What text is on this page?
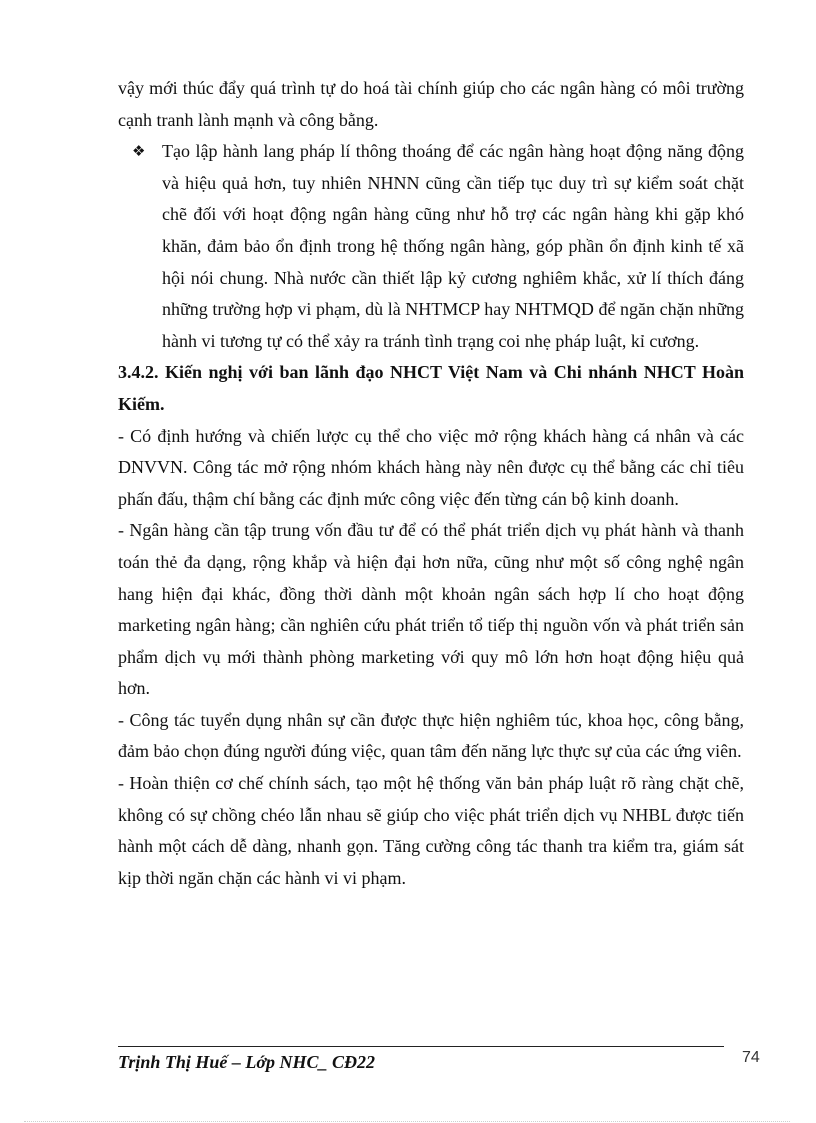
vậy mới thúc đẩy quá trình tự do hoá tài chính giúp cho các ngân hàng có môi trường cạnh tranh lành mạnh và công bằng.

❖ Tạo lập hành lang pháp lí thông thoáng để các ngân hàng hoạt động năng động và hiệu quả hơn, tuy nhiên NHNN cũng cần tiếp tục duy trì sự kiểm soát chặt chẽ đối với hoạt động ngân hàng cũng như hỗ trợ các ngân hàng khi gặp khó khăn, đảm bảo ổn định trong hệ thống ngân hàng, góp phần ổn định kinh tế xã hội nói chung. Nhà nước cần thiết lập kỷ cương nghiêm khắc, xử lí thích đáng những trường hợp vi phạm, dù là NHTMCP hay NHTMQD để ngăn chặn những hành vi tương tự có thể xảy ra tránh tình trạng coi nhẹ pháp luật, kỉ cương.

3.4.2. Kiến nghị với ban lãnh đạo NHCT Việt Nam và Chi nhánh NHCT Hoàn Kiếm.

- Có định hướng và chiến lược cụ thể cho việc mở rộng khách hàng cá nhân và các DNVVN. Công tác mở rộng nhóm khách hàng này nên được cụ thể bằng các chỉ tiêu phấn đấu, thậm chí bằng các định mức công việc đến từng cán bộ kinh doanh.

- Ngân hàng cần tập trung vốn đầu tư để có thể phát triển dịch vụ phát hành và thanh toán thẻ đa dạng, rộng khắp và hiện đại hơn nữa, cũng như một số công nghệ ngân hang hiện đại khác, đồng thời dành một khoản ngân sách hợp lí cho hoạt động marketing ngân hàng; cần nghiên cứu phát triển tổ tiếp thị nguồn vốn và phát triển sản phẩm dịch vụ mới thành phòng marketing với quy mô lớn hơn hoạt động hiệu quả hơn.

- Công tác tuyển dụng nhân sự cần được thực hiện nghiêm túc, khoa học, công bằng, đảm bảo chọn đúng người đúng việc, quan tâm đến năng lực thực sự của các ứng viên.

- Hoàn thiện cơ chế chính sách, tạo một hệ thống văn bản pháp luật rõ ràng chặt chẽ, không có sự chồng chéo lẫn nhau sẽ giúp cho việc phát triển dịch vụ NHBL được tiến hành một cách dễ dàng, nhanh gọn. Tăng cường công tác thanh tra kiểm tra, giám sát kịp thời ngăn chặn các hành vi vi phạm.

Trịnh Thị Huế – Lớp NHC_ CĐ22	74
